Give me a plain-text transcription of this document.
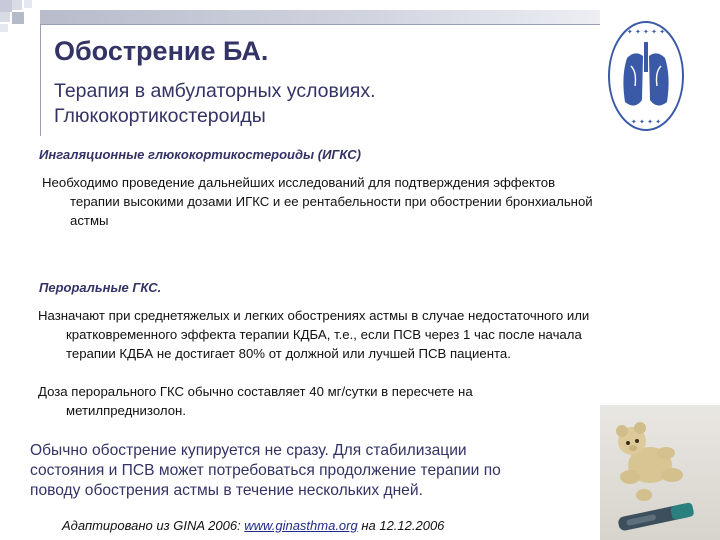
Обострение БА.
Терапия в амбулаторных условиях.
Глюкокортикостероиды
✦ ✦ ✦ ✦ ✦
✦ ✦ ✦ ✦
Ингаляционные глюкокортикостероиды (ИГКС)
Необходимо проведение дальнейших исследований для подтверждения эффектов
терапии высокими дозами ИГКС и ее рентабельности при обострении бронхиальной
астмы
Пероральные ГКС.
Назначают при среднетяжелых и легких обострениях астмы в случае недостаточного или
кратковременного эффекта терапии КДБА, т.е., если ПСВ через 1 час после начала
терапии КДБА не достигает 80% от должной или лучшей ПСВ пациента.
Доза перорального ГКС обычно составляет 40 мг/сутки в пересчете на
метилпреднизолон.
Обычно обострение купируется не сразу. Для стабилизации
состояния и ПСВ может потребоваться продолжение терапии по
поводу обострения астмы в течение нескольких дней.
Адаптировано из GINA 2006: www.ginasthma.org на 12.12.2006
